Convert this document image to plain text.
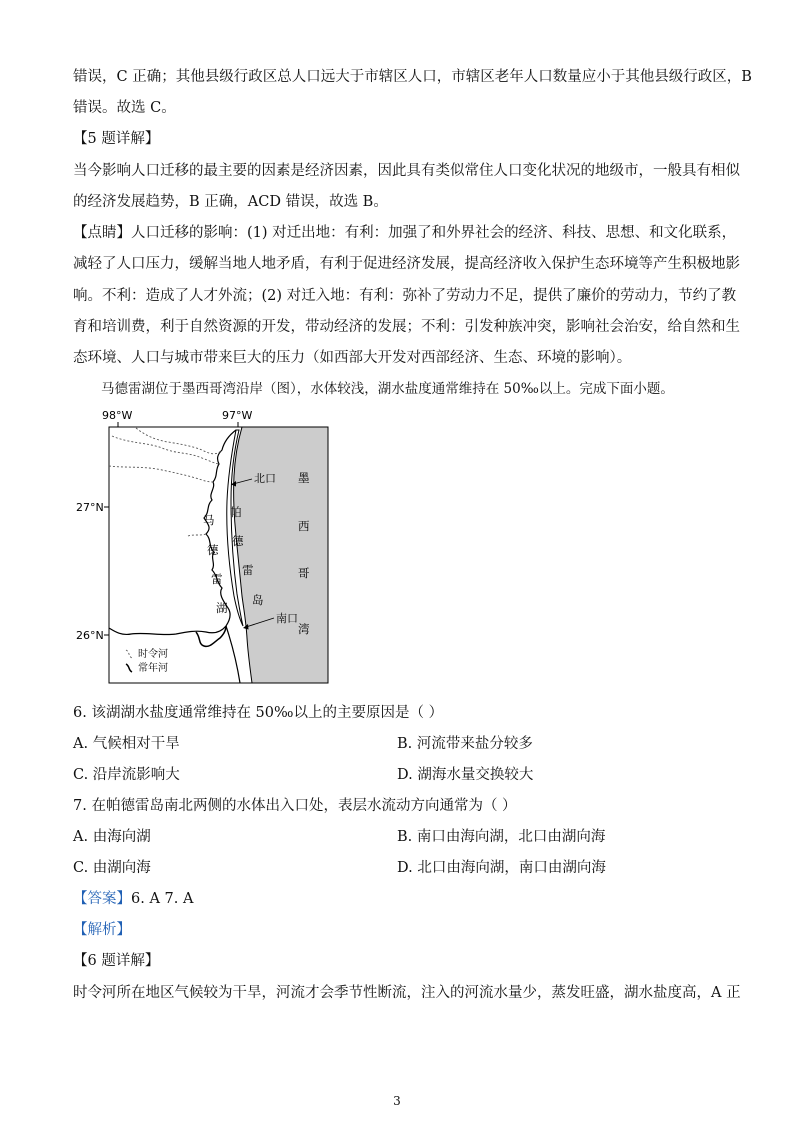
错误，C 正确；其他县级行政区总人口远大于市辖区人口，市辖区老年人口数量应小于其他县级行政区，B
错误。故选 C。
【5 题详解】
当今影响人口迁移的最主要的因素是经济因素，因此具有类似常住人口变化状况的地级市，一般具有相似
的经济发展趋势，B 正确，ACD 错误，故选 B。
【点睛】人口迁移的影响：(1) 对迁出地：有利：加强了和外界社会的经济、科技、思想、和文化联系，
减轻了人口压力，缓解当地人地矛盾，有利于促进经济发展，提高经济收入保护生态环境等产生积极地影
响。不利：造成了人才外流；(2) 对迁入地：有利：弥补了劳动力不足，提供了廉价的劳动力，节约了教
育和培训费，利于自然资源的开发，带动经济的发展；不利：引发种族冲突，影响社会治安，给自然和生
态环境、人口与城市带来巨大的压力（如西部大开发对西部经济、生态、环境的影响）。
马德雷湖位于墨西哥湾沿岸（图），水体较浅，湖水盐度通常维持在 50‰以上。完成下面小题。
98°W	97°W
27°N
26°N
北口
南口
墨
西
哥
湾
马
德
雷
湖
帕
德
雷
岛
时令河
常年河
6. 该湖湖水盐度通常维持在 50‰以上的主要原因是（ ）
A. 气候相对干旱	B. 河流带来盐分较多
C. 沿岸流影响大	D. 湖海水量交换较大
7. 在帕德雷岛南北两侧的水体出入口处，表层水流动方向通常为（ ）
A. 由海向湖	B. 南口由海向湖，北口由湖向海
C. 由湖向海	D. 北口由海向湖，南口由湖向海
【答案】6. A 7. A
【解析】
【6 题详解】
时令河所在地区气候较为干旱，河流才会季节性断流，注入的河流水量少，蒸发旺盛，湖水盐度高，A 正
3
